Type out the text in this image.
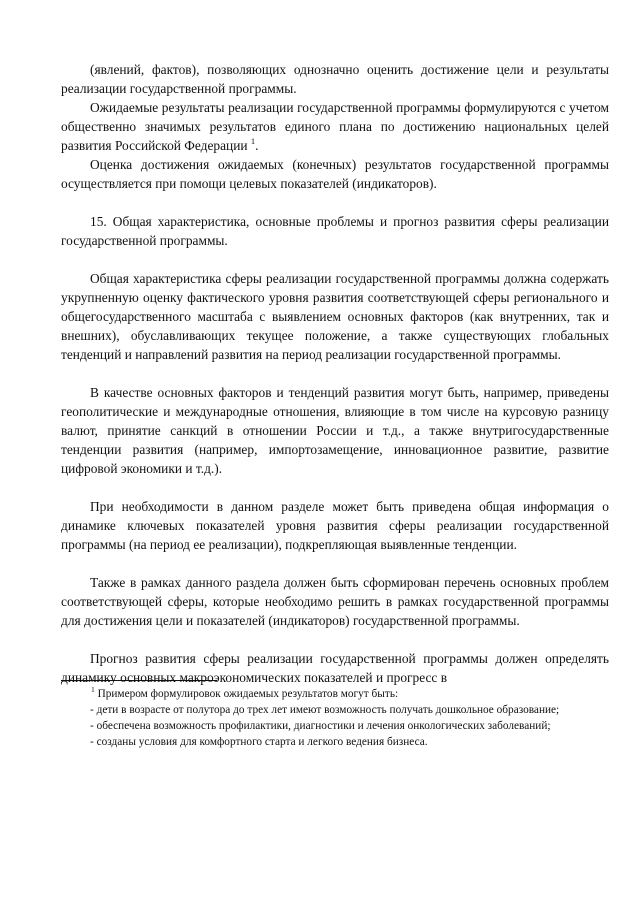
(явлений, фактов), позволяющих однозначно оценить достижение цели и результаты реализации государственной программы.

Ожидаемые результаты реализации государственной программы формулируются с учетом общественно значимых результатов единого плана по достижению национальных целей развития Российской Федерации $^1$.

Оценка достижения ожидаемых (конечных) результатов государственной программы осуществляется при помощи целевых показателей (индикаторов).

15. Общая характеристика, основные проблемы и прогноз развития сферы реализации государственной программы.

Общая характеристика сферы реализации государственной программы должна содержать укрупненную оценку фактического уровня развития соответствующей сферы регионального и общегосударственного масштаба с выявлением основных факторов (как внутренних, так и внешних), обуславливающих текущее положение, а также существующих глобальных тенденций и направлений развития на период реализации государственной программы.

В качестве основных факторов и тенденций развития могут быть, например, приведены геополитические и международные отношения, влияющие в том числе на курсовую разницу валют, принятие санкций в отношении России и т.д., а также внутригосударственные тенденции развития (например, импортозамещение, инновационное развитие, развитие цифровой экономики и т.д.).

При необходимости в данном разделе может быть приведена общая информация о динамике ключевых показателей уровня развития сферы реализации государственной программы (на период ее реализации), подкрепляющая выявленные тенденции.

Также в рамках данного раздела должен быть сформирован перечень основных проблем соответствующей сферы, которые необходимо решить в рамках государственной программы для достижения цели и показателей (индикаторов) государственной программы.

Прогноз развития сферы реализации государственной программы должен определять динамику основных макроэкономических показателей и прогресс в

$^1$ Примером формулировок ожидаемых результатов могут быть:

- дети в возрасте от полутора до трех лет имеют возможность получать дошкольное образование;

- обеспечена возможность профилактики, диагностики и лечения онкологических заболеваний;

- созданы условия для комфортного старта и легкого ведения бизнеса.
